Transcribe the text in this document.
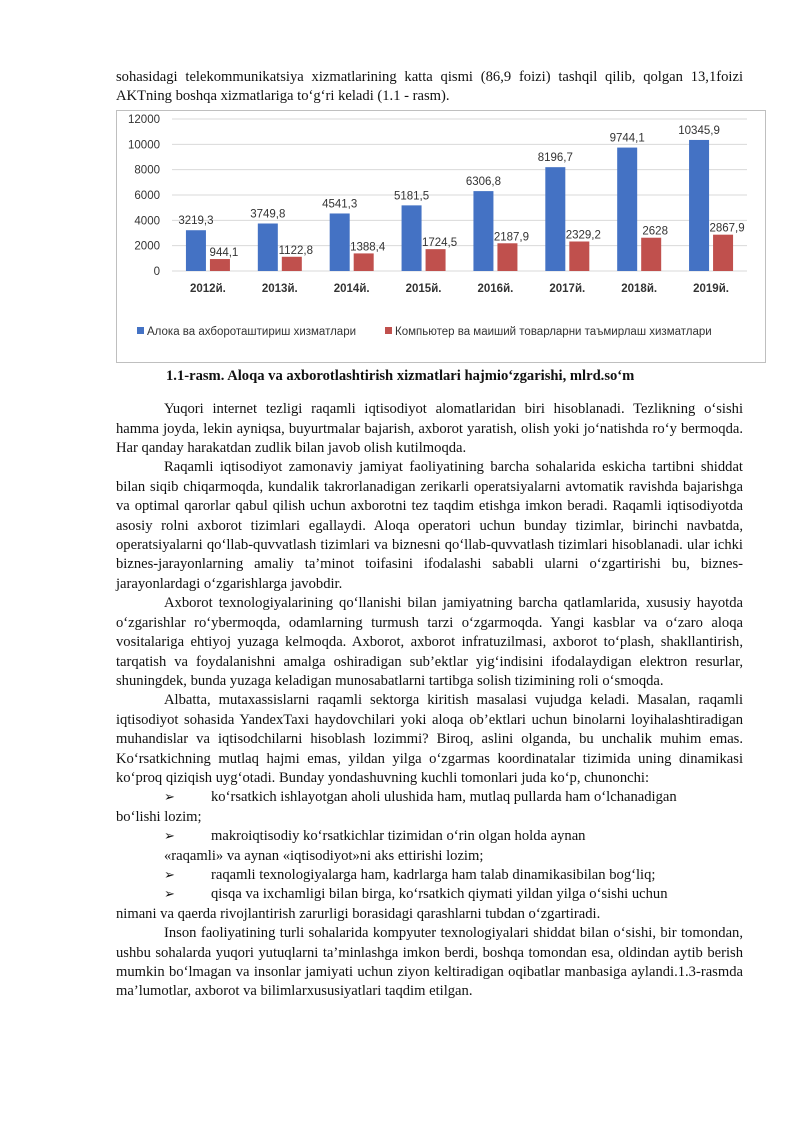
sohasidagi telekommunikatsiya xizmatlarining katta qismi (86,9 foizi) tashqil qilib, qolgan 13,1foizi AKTning boshqa xizmatlariga to‘g‘ri keladi (1.1 - rasm).

0
2000
4000
6000
8000
10000
12000
3219,3
944,1
2012й.
3749,8
1122,8
2013й.
4541,3
1388,4
2014й.
5181,5
1724,5
2015й.
6306,8
2187,9
2016й.
8196,7
2329,2
2017й.
9744,1
2628
2018й.
10345,9
2867,9
2019й.
Алока ва ахбороташтириш хизматлари	Компьютер ва маиший товарларни таъмирлаш хизматлари

1.1-rasm. Aloqa va axborotlashtirish xizmatlari hajmio‘zgarishi, mlrd.so‘m

Yuqori internet tezligi raqamli iqtisodiyot alomatlaridan biri hisoblanadi. Tezlikning o‘sishi hamma joyda, lekin ayniqsa, buyurtmalar bajarish, axborot yaratish, olish yoki jo‘natishda ro‘y bermoqda. Har qanday harakatdan zudlik bilan javob olish kutilmoqda.

Raqamli iqtisodiyot zamonaviy jamiyat faoliyatining barcha sohalarida eskicha tartibni shiddat bilan siqib chiqarmoqda, kundalik takrorlanadigan zerikarli operatsiyalarni avtomatik ravishda bajarishga va optimal qarorlar qabul qilish uchun axborotni tez taqdim etishga imkon beradi. Raqamli iqtisodiyotda asosiy rolni axborot tizimlari egallaydi. Aloqa operatori uchun bunday tizimlar, birinchi navbatda, operatsiyalarni qo‘llab-quvvatlash tizimlari va biznesni qo‘llab-quvvatlash tizimlari hisoblanadi. ular ichki biznes-jarayonlarning amaliy ta’minot toifasini ifodalashi sababli ularni o‘zgartirishi bu, biznes-jarayonlardagi o‘zgarishlarga javobdir.

Axborot texnologiyalarining qo‘llanishi bilan jamiyatning barcha qatlamlarida, xususiy hayotda o‘zgarishlar ro‘ybermoqda, odamlarning turmush tarzi o‘zgarmoqda. Yangi kasblar va o‘zaro aloqa vositalariga ehtiyoj yuzaga kelmoqda. Axborot, axborot infratuzilmasi, axborot to‘plash, shakllantirish, tarqatish va foydalanishni amalga oshiradigan sub’ektlar yig‘indisini ifodalaydigan elektron resurlar, shuningdek, bunda yuzaga keladigan munosabatlarni tartibga solish tizimining roli o‘smoqda.

Albatta, mutaxassislarni raqamli sektorga kiritish masalasi vujudga keladi. Masalan, raqamli iqtisodiyot sohasida YandexTaxi haydovchilari yoki aloqa ob’ektlari uchun binolarni loyihalashtiradigan muhandislar va iqtisodchilarni hisoblash lozimmi? Biroq, aslini olganda, bu unchalik muhim emas. Ko‘rsatkichning mutlaq hajmi emas, yildan yilga o‘zgarmas koordinatalar tizimida uning dinamikasi ko‘proq qiziqish uyg‘otadi. Bunday yondashuvning kuchli tomonlari juda ko‘p, chunonchi:

➢	ko‘rsatkich ishlayotgan aholi ulushida ham, mutlaq pullarda ham o‘lchanadigan

bo‘lishi lozim;

➢	makroiqtisodiy ko‘rsatkichlar tizimidan o‘rin olgan holda aynan

«raqamli» va aynan «iqtisodiyot»ni aks ettirishi lozim;

➢	raqamli texnologiyalarga ham, kadrlarga ham talab dinamikasibilan bog‘liq;

➢	qisqa va ixchamligi bilan birga, ko‘rsatkich qiymati yildan yilga o‘sishi uchun

nimani va qaerda rivojlantirish zarurligi borasidagi qarashlarni tubdan o‘zgartiradi.

Inson faoliyatining turli sohalarida kompyuter texnologiyalari shiddat bilan o‘sishi, bir tomondan, ushbu sohalarda yuqori yutuqlarni ta’minlashga imkon berdi, boshqa tomondan esa, oldindan aytib berish mumkin bo‘lmagan va insonlar jamiyati uchun ziyon keltiradigan oqibatlar manbasiga aylandi.1.3-rasmda ma’lumotlar, axborot va bilimlarxususiyatlari taqdim etilgan.
